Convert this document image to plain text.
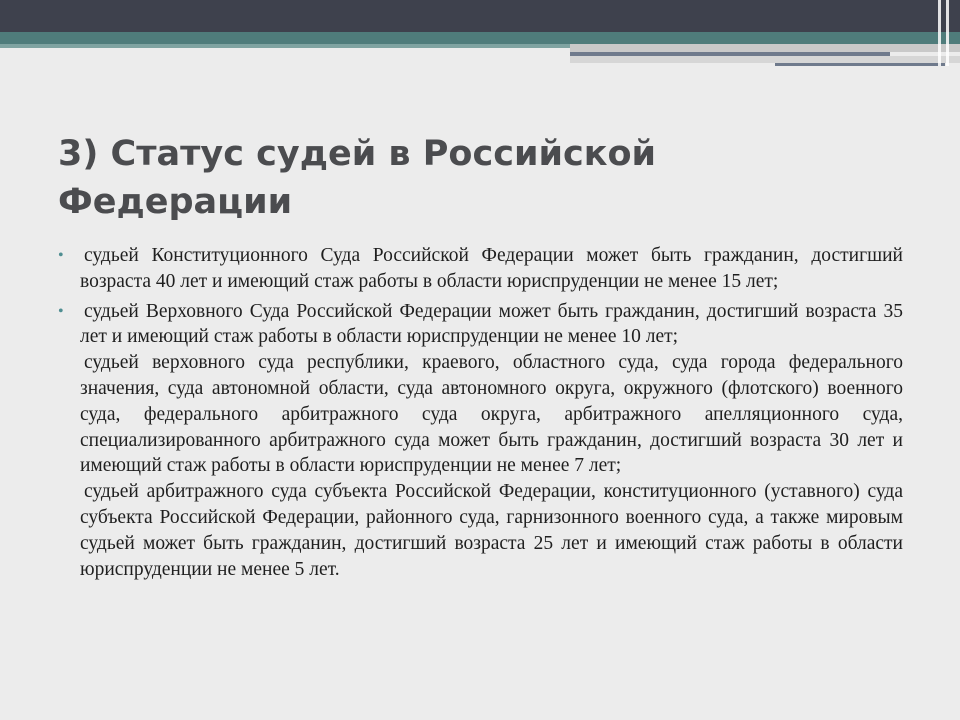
3) Статус судей в Российской
Федерации
• судьей Конституционного Суда Российской Федерации может быть гражданин, достигший возраста 40 лет и имеющий стаж работы в области юриспруденции не менее 15 лет;
• судьей Верховного Суда Российской Федерации может быть гражданин, достигший возраста 35 лет и имеющий стаж работы в области юриспруденции не менее 10 лет;
судьей верховного суда республики, краевого, областного суда, суда города федерального значения, суда автономной области, суда автономного округа, окружного (флотского) военного суда, федерального арбитражного суда округа, арбитражного апелляционного суда, специализированного арбитражного суда может быть гражданин, достигший возраста 30 лет и имеющий стаж работы в области юриспруденции не менее 7 лет;
судьей арбитражного суда субъекта Российской Федерации, конституционного (уставного) суда субъекта Российской Федерации, районного суда, гарнизонного военного суда, а также мировым судьей может быть гражданин, достигший возраста 25 лет и имеющий стаж работы в области юриспруденции не менее 5 лет.
